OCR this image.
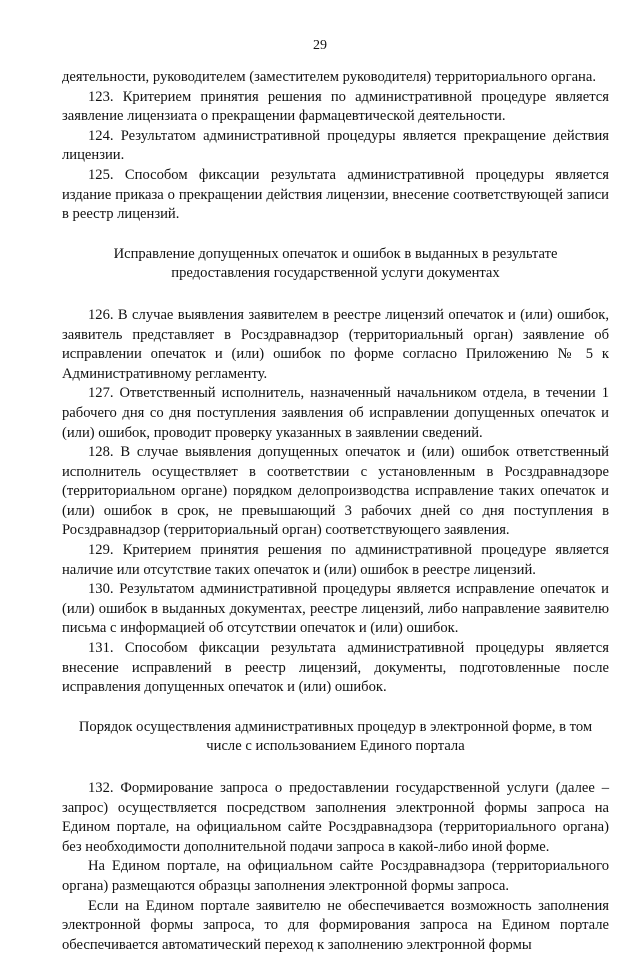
29

деятельности, руководителем (заместителем руководителя) территориального органа.

123. Критерием принятия решения по административной процедуре является заявление лицензиата о прекращении фармацевтической деятельности.

124. Результатом административной процедуры является прекращение действия лицензии.

125. Способом фиксации результата административной процедуры является издание приказа о прекращении действия лицензии, внесение соответствующей записи в реестр лицензий.

Исправление допущенных опечаток и ошибок в выданных в результате предоставления государственной услуги документах

126. В случае выявления заявителем в реестре лицензий опечаток и (или) ошибок, заявитель представляет в Росздравнадзор (территориальный орган) заявление об исправлении опечаток и (или) ошибок по форме согласно Приложению № 5 к Административному регламенту.

127. Ответственный исполнитель, назначенный начальником отдела, в течении 1 рабочего дня со дня поступления заявления об исправлении допущенных опечаток и (или) ошибок, проводит проверку указанных в заявлении сведений.

128. В случае выявления допущенных опечаток и (или) ошибок ответственный исполнитель осуществляет в соответствии с установленным в Росздравнадзоре (территориальном органе) порядком делопроизводства исправление таких опечаток и (или) ошибок в срок, не превышающий 3 рабочих дней со дня поступления в Росздравнадзор (территориальный орган) соответствующего заявления.

129. Критерием принятия решения по административной процедуре является наличие или отсутствие таких опечаток и (или) ошибок в реестре лицензий.

130. Результатом административной процедуры является исправление опечаток и (или) ошибок в выданных документах, реестре лицензий, либо направление заявителю письма с информацией об отсутствии опечаток и (или) ошибок.

131. Способом фиксации результата административной процедуры является внесение исправлений в реестр лицензий, документы, подготовленные после исправления допущенных опечаток и (или) ошибок.

Порядок осуществления административных процедур в электронной форме, в том числе с использованием Единого портала

132. Формирование запроса о предоставлении государственной услуги (далее – запрос) осуществляется посредством заполнения электронной формы запроса на Едином портале, на официальном сайте Росздравнадзора (территориального органа) без необходимости дополнительной подачи запроса в какой-либо иной форме.

На Едином портале, на официальном сайте Росздравнадзора (территориального органа) размещаются образцы заполнения электронной формы запроса.

Если на Едином портале заявителю не обеспечивается возможность заполнения электронной формы запроса, то для формирования запроса на Едином портале обеспечивается автоматический переход к заполнению электронной формы
